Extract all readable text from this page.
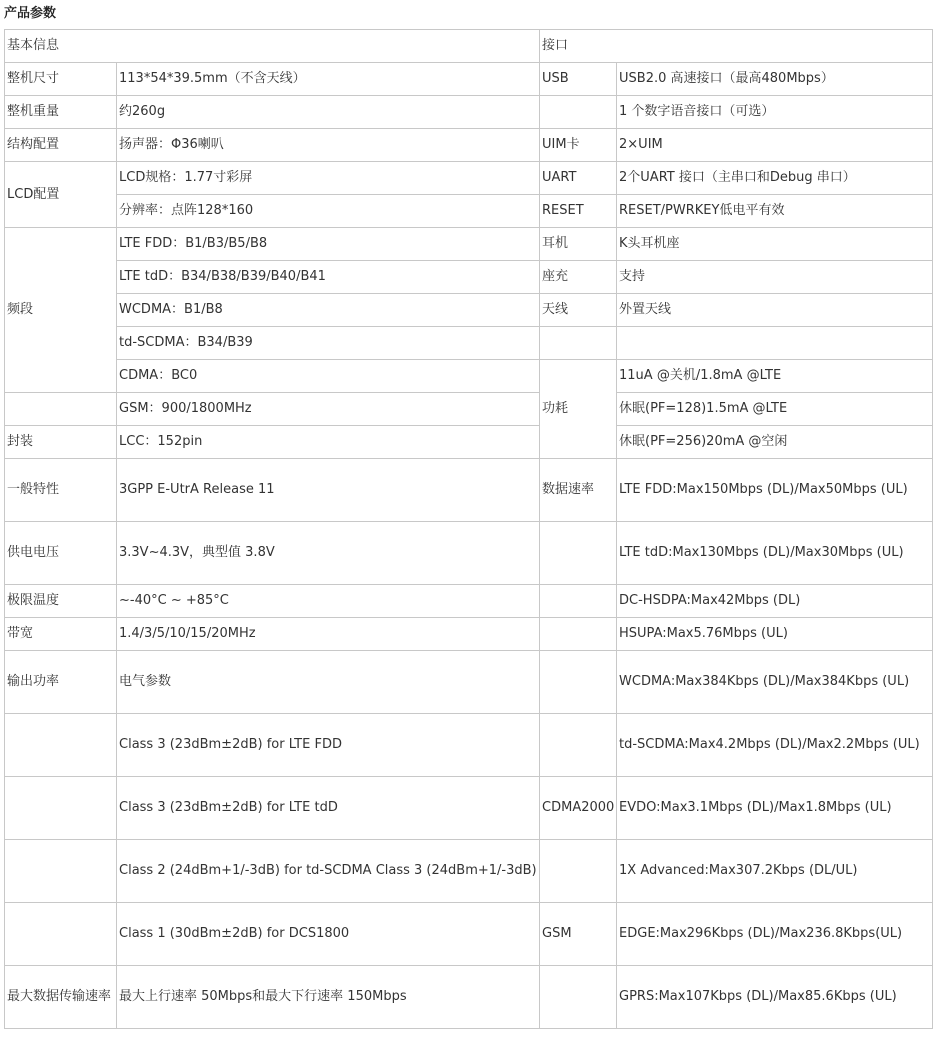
产品参数
基本信息		接口	
整机尺寸	113*54*39.5mm（不含天线）	USB	USB2.0 高速接口（最高480Mbps）
整机重量	约260g		1 个数字语音接口（可选）
结构配置	扬声器：Φ36喇叭	UIM卡	2×UIM
LCD配置	LCD规格：1.77寸彩屏	UART	2个UART 接口（主串口和Debug 串口）
	分辨率：点阵128*160	RESET	RESET/PWRKEY低电平有效
频段	LTE FDD：B1/B3/B5/B8	耳机	K头耳机座
	LTE tdD：B34/B38/B39/B40/B41	座充	支持
	WCDMA：B1/B8	天线	外置天线
	td-SCDMA：B34/B39		
	CDMA：BC0	功耗	11uA @关机/1.8mA @LTE
	GSM：900/1800MHz		休眠(PF=128)1.5mA @LTE
封装	LCC：152pin		休眠(PF=256)20mA @空闲
一般特性	3GPP E-UtrA Release 11	数据速率	LTE FDD:Max150Mbps (DL)/Max50Mbps (UL)
供电电压	3.3V~4.3V，典型值 3.8V		LTE tdD:Max130Mbps (DL)/Max30Mbps (UL)
极限温度	~-40°C ~ +85°C		DC-HSDPA:Max42Mbps (DL)
带宽	1.4/3/5/10/15/20MHz		HSUPA:Max5.76Mbps (UL)
输出功率	电气参数		WCDMA:Max384Kbps (DL)/Max384Kbps (UL)
	Class 3 (23dBm±2dB) for LTE FDD		td-SCDMA:Max4.2Mbps (DL)/Max2.2Mbps (UL)
	Class 3 (23dBm±2dB) for LTE tdD	CDMA2000	EVDO:Max3.1Mbps (DL)/Max1.8Mbps (UL)
	Class 2 (24dBm+1/-3dB) for td-SCDMA Class 3 (24dBm+1/-3dB)		1X Advanced:Max307.2Kbps (DL/UL)
	Class 1 (30dBm±2dB) for DCS1800	GSM	EDGE:Max296Kbps (DL)/Max236.8Kbps(UL)
最大数据传输速率	最大上行速率 50Mbps和最大下行速率 150Mbps		GPRS:Max107Kbps (DL)/Max85.6Kbps (UL)
